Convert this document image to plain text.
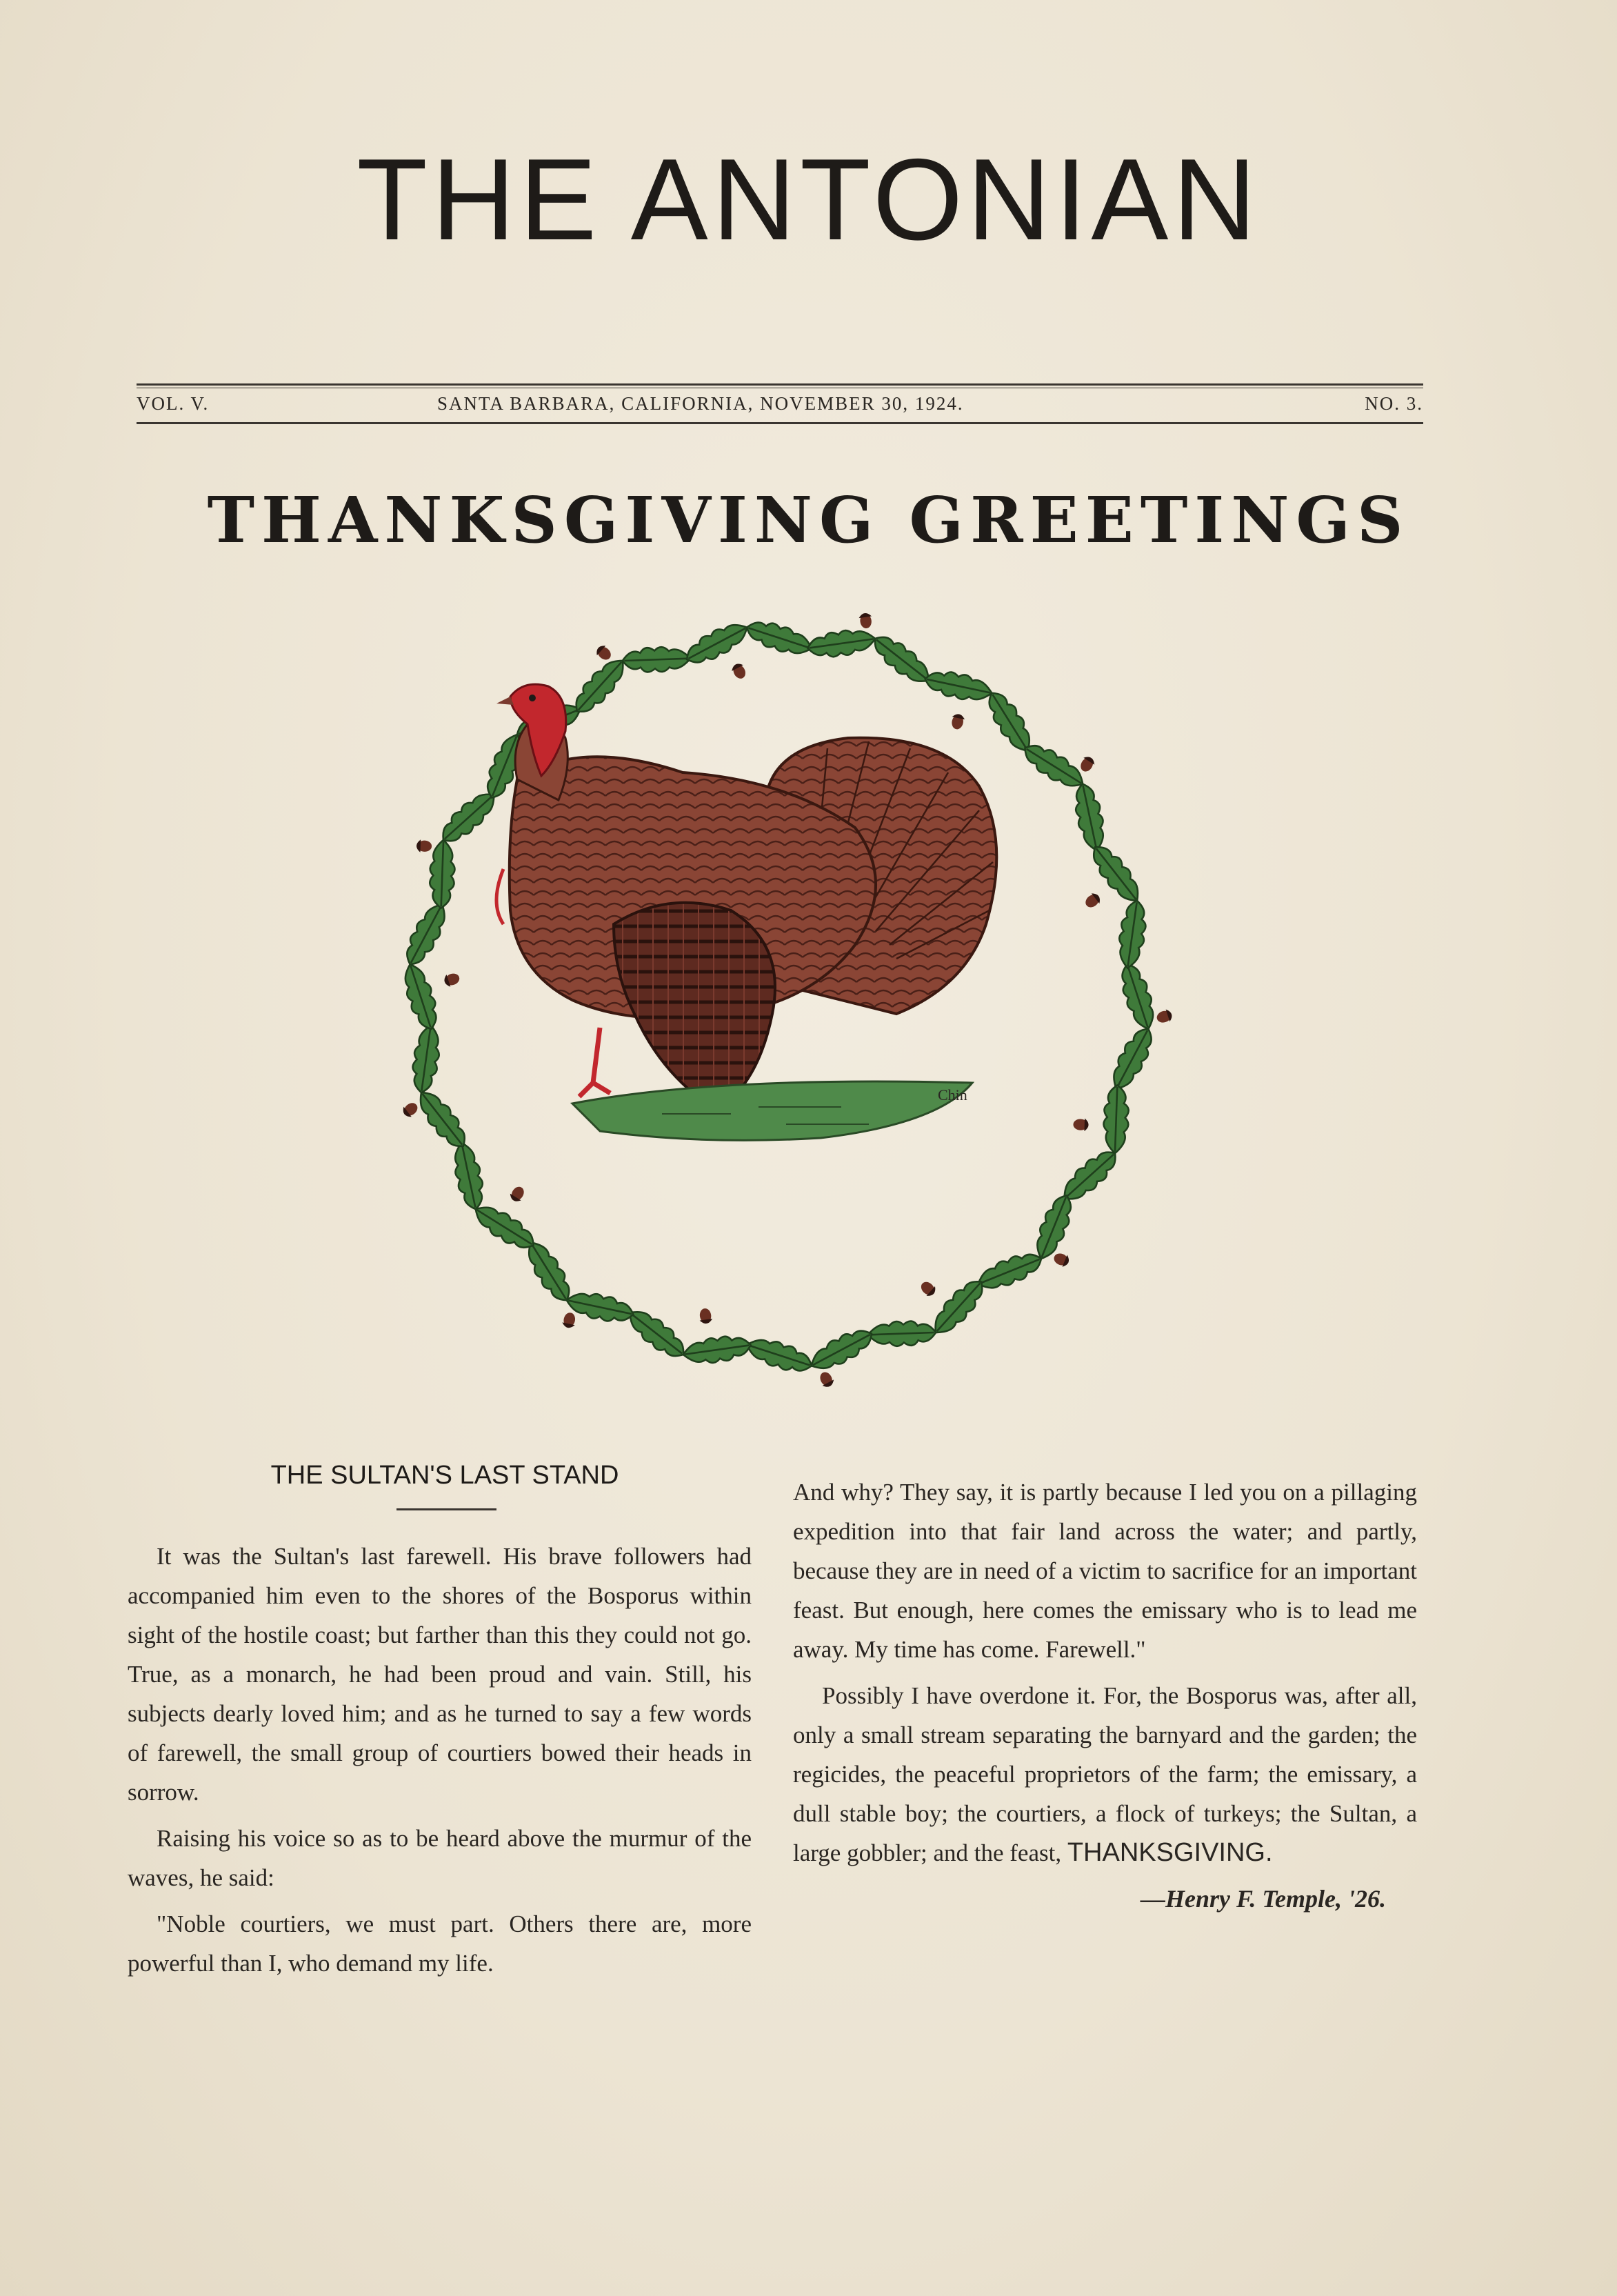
THE ANTONIAN
VOL. V.	SANTA BARBARA, CALIFORNIA, NOVEMBER 30, 1924.	NO. 3.
THANKSGIVING GREETINGS
Chin
THE SULTAN'S LAST STAND

It was the Sultan's last farewell. His brave followers had accompanied him even to the shores of the Bosporus within sight of the hostile coast; but farther than this they could not go. True, as a monarch, he had been proud and vain. Still, his subjects dearly loved him; and as he turned to say a few words of farewell, the small group of courtiers bowed their heads in sorrow.

Raising his voice so as to be heard above the murmur of the waves, he said:

"Noble courtiers, we must part. Others there are, more powerful than I, who demand my life.

And why? They say, it is partly because I led you on a pillaging expedition into that fair land across the water; and partly, because they are in need of a victim to sacrifice for an important feast. But enough, here comes the emissary who is to lead me away. My time has come. Farewell."

Possibly I have overdone it. For, the Bosporus was, after all, only a small stream separating the barnyard and the garden; the regicides, the peaceful proprietors of the farm; the emissary, a dull stable boy; the courtiers, a flock of turkeys; the Sultan, a large gobbler; and the feast, THANKSGIVING.

—Henry F. Temple, '26.
